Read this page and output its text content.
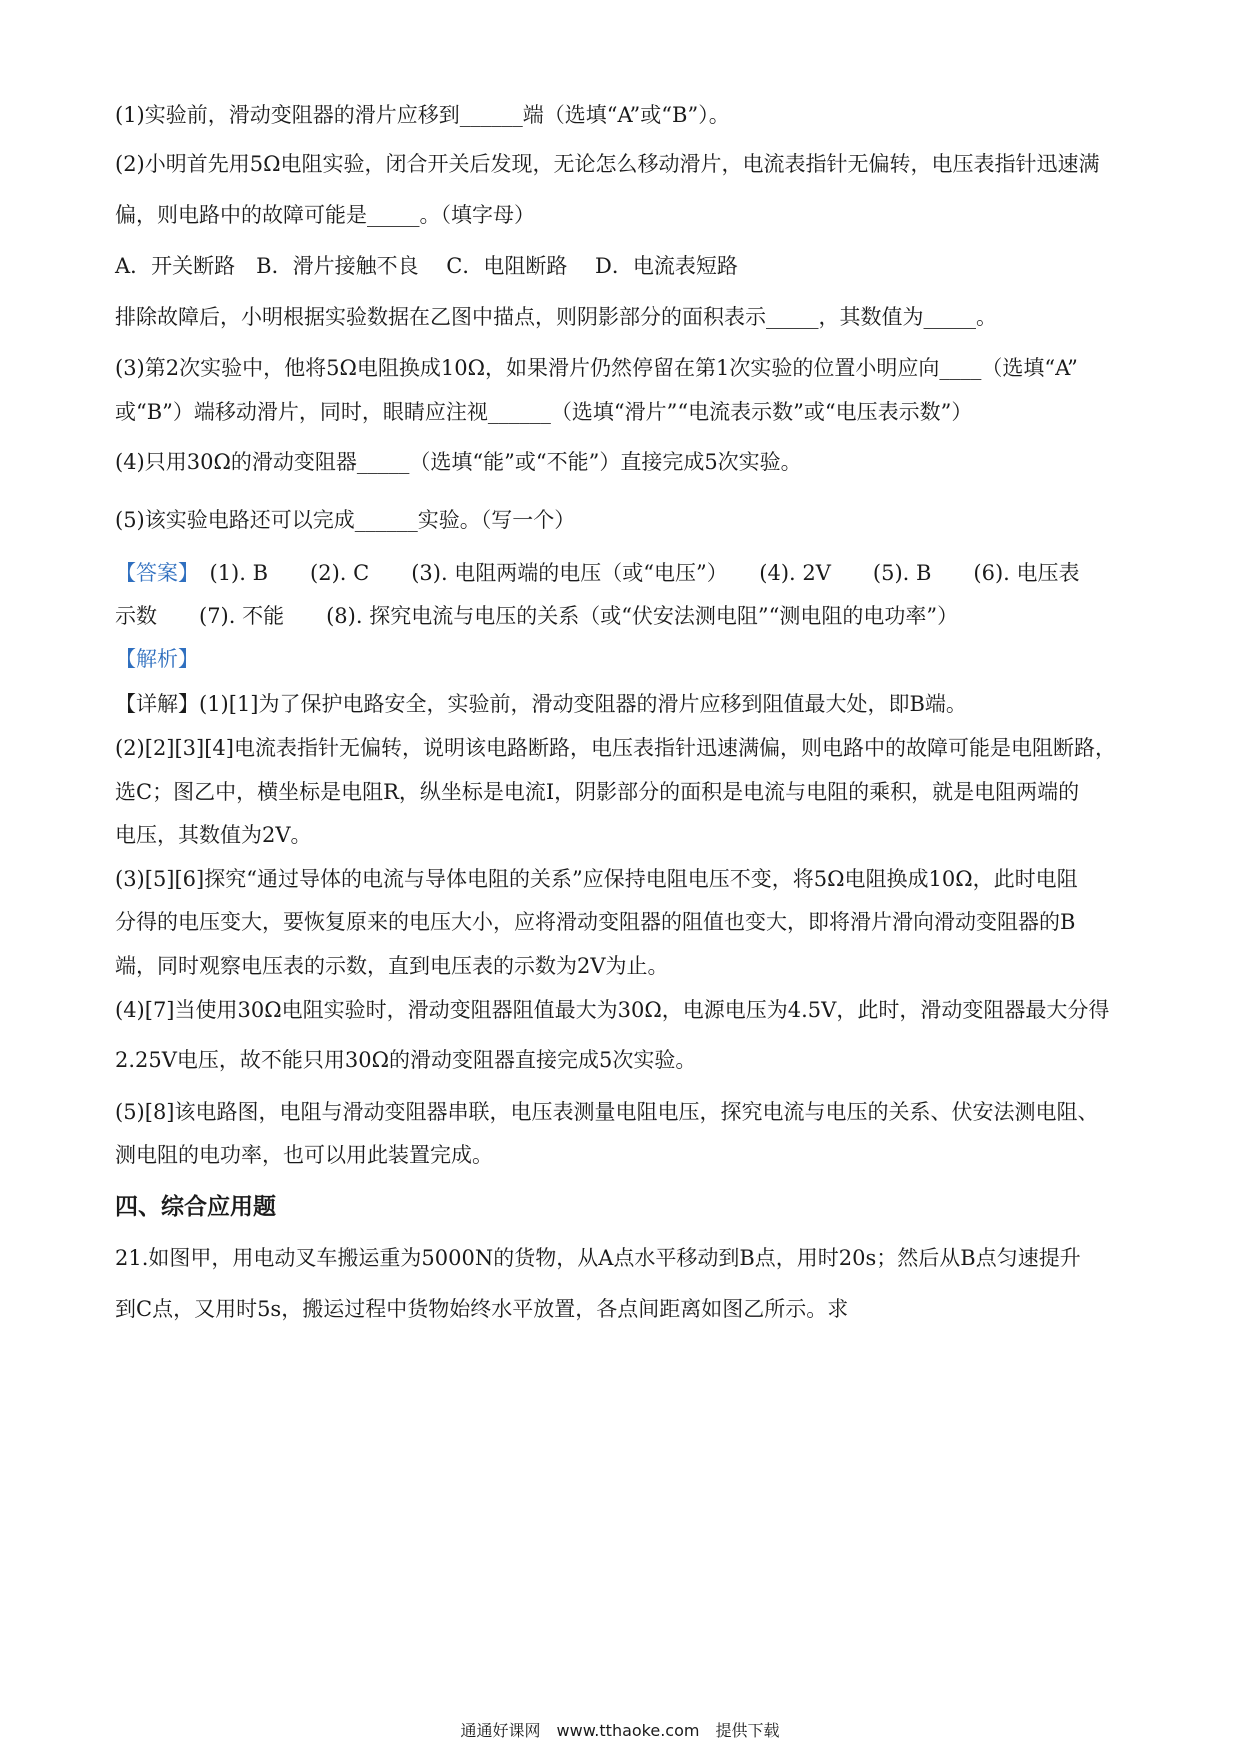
(1)实验前，滑动变阻器的滑片应移到______端（选填“A”或“B”）。
(2)小明首先用5Ω电阻实验，闭合开关后发现，无论怎么移动滑片，电流表指针无偏转，电压表指针迅速满
偏，则电路中的故障可能是_____。（填字母）
A．开关断路　B．滑片接触不良　 C．电阻断路　 D．电流表短路
排除故障后，小明根据实验数据在乙图中描点，则阴影部分的面积表示_____，其数值为_____。
(3)第2次实验中，他将5Ω电阻换成10Ω，如果滑片仍然停留在第1次实验的位置小明应向____（选填“A”
或“B”）端移动滑片，同时，眼睛应注视______（选填“滑片”“电流表示数”或“电压表示数”）
(4)只用30Ω的滑动变阻器_____（选填“能”或“不能”）直接完成5次实验。
(5)该实验电路还可以完成______实验。（写一个）
【答案】　(1). B　　(2). C　　(3). 电阻两端的电压（或“电压”）　　(4). 2V　　(5). B　　(6). 电压表
示数　　(7). 不能　　(8). 探究电流与电压的关系（或“伏安法测电阻”“测电阻的电功率”）
【解析】
【详解】(1)[1]为了保护电路安全，实验前，滑动变阻器的滑片应移到阻值最大处，即B端。
(2)[2][3][4]电流表指针无偏转，说明该电路断路，电压表指针迅速满偏，则电路中的故障可能是电阻断路，
选C；图乙中，横坐标是电阻R，纵坐标是电流I，阴影部分的面积是电流与电阻的乘积，就是电阻两端的
电压，其数值为2V。
(3)[5][6]探究“通过导体的电流与导体电阻的关系”应保持电阻电压不变，将5Ω电阻换成10Ω，此时电阻
分得的电压变大，要恢复原来的电压大小，应将滑动变阻器的阻值也变大，即将滑片滑向滑动变阻器的B
端，同时观察电压表的示数，直到电压表的示数为2V为止。
(4)[7]当使用30Ω电阻实验时，滑动变阻器阻值最大为30Ω，电源电压为4.5V，此时，滑动变阻器最大分得
2.25V电压，故不能只用30Ω的滑动变阻器直接完成5次实验。
(5)[8]该电路图，电阻与滑动变阻器串联，电压表测量电阻电压，探究电流与电压的关系、伏安法测电阻、
测电阻的电功率，也可以用此装置完成。
四、综合应用题
21.如图甲，用电动叉车搬运重为5000N的货物，从A点水平移动到B点，用时20s；然后从B点匀速提升
到C点，又用时5s，搬运过程中货物始终水平放置，各点间距离如图乙所示。求
通通好课网　www.tthaoke.com　提供下载
